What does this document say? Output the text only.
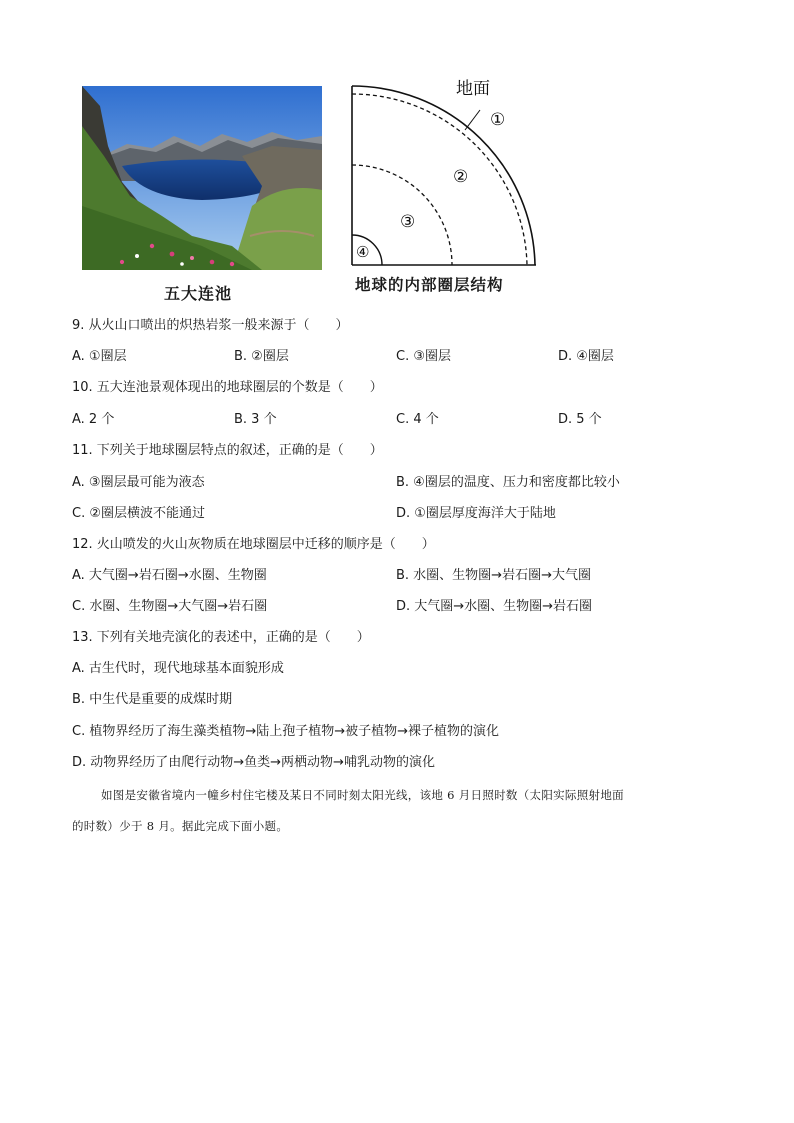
五大连池
地面
①
②
③
④
地球的内部圈层结构
9. 从火山口喷出的炽热岩浆一般来源于（　　）
A. ①圈层	B. ②圈层	C. ③圈层	D. ④圈层
10. 五大连池景观体现出的地球圈层的个数是（　　）
A. 2 个	B. 3 个	C. 4 个	D. 5 个
11. 下列关于地球圈层特点的叙述，正确的是（　　）
A. ③圈层最可能为液态	B. ④圈层的温度、压力和密度都比较小
C. ②圈层横波不能通过	D. ①圈层厚度海洋大于陆地
12. 火山喷发的火山灰物质在地球圈层中迁移的顺序是（　　）
A. 大气圈→岩石圈→水圈、生物圈	B. 水圈、生物圈→岩石圈→大气圈
C. 水圈、生物圈→大气圈→岩石圈	D. 大气圈→水圈、生物圈→岩石圈
13. 下列有关地壳演化的表述中，正确的是（　　）
A. 古生代时，现代地球基本面貌形成
B. 中生代是重要的成煤时期
C. 植物界经历了海生藻类植物→陆上孢子植物→被子植物→裸子植物的演化
D. 动物界经历了由爬行动物→鱼类→两栖动物→哺乳动物的演化
如图是安徽省境内一幢乡村住宅楼及某日不同时刻太阳光线，该地 6 月日照时数（太阳实际照射地面
的时数）少于 8 月。据此完成下面小题。
